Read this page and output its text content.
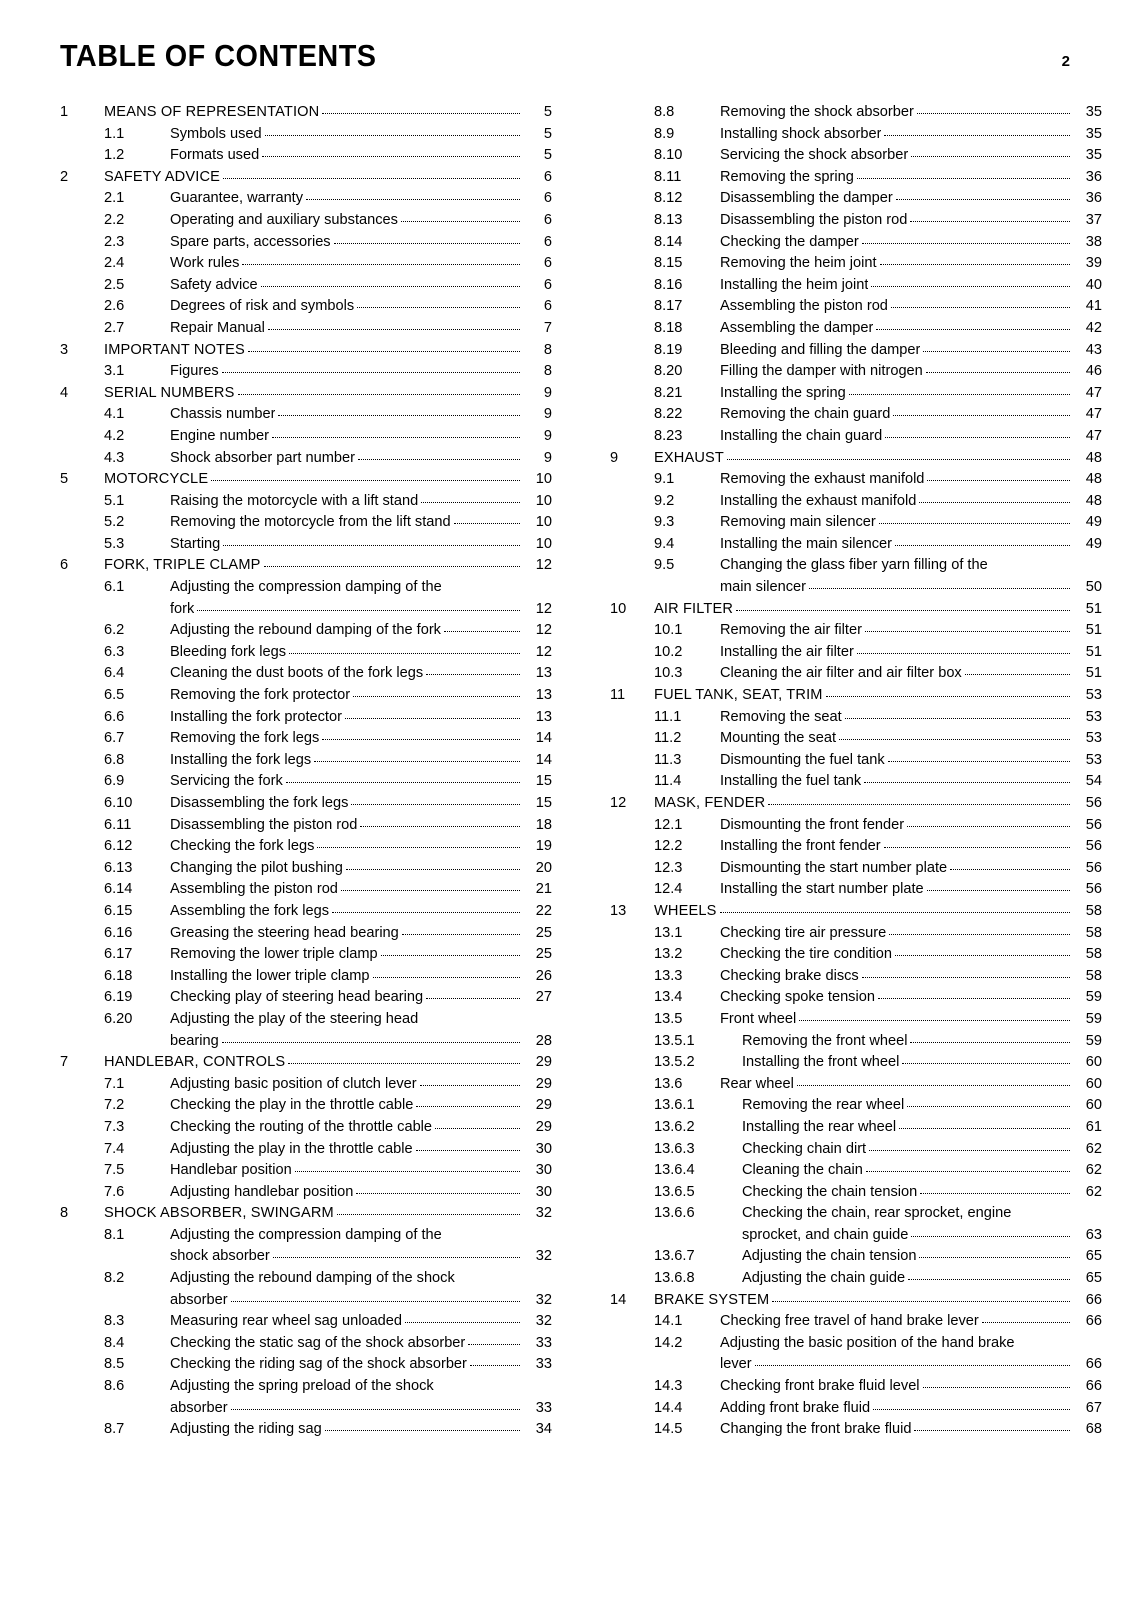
TABLE OF CONTENTS	2
1	MEANS OF REPRESENTATION	5
1.1	Symbols used	5
1.2	Formats used	5
2	SAFETY ADVICE	6
2.1	Guarantee, warranty	6
2.2	Operating and auxiliary substances	6
2.3	Spare parts, accessories	6
2.4	Work rules	6
2.5	Safety advice	6
2.6	Degrees of risk and symbols	6
2.7	Repair Manual	7
3	IMPORTANT NOTES	8
3.1	Figures	8
4	SERIAL NUMBERS	9
4.1	Chassis number	9
4.2	Engine number	9
4.3	Shock absorber part number	9
5	MOTORCYCLE	10
5.1	Raising the motorcycle with a lift stand	10
5.2	Removing the motorcycle from the lift stand	10
5.3	Starting	10
6	FORK, TRIPLE CLAMP	12
6.1	Adjusting the compression damping of the
fork	12
6.2	Adjusting the rebound damping of the fork	12
6.3	Bleeding fork legs	12
6.4	Cleaning the dust boots of the fork legs	13
6.5	Removing the fork protector	13
6.6	Installing the fork protector	13
6.7	Removing the fork legs	14
6.8	Installing the fork legs	14
6.9	Servicing the fork	15
6.10	Disassembling the fork legs	15
6.11	Disassembling the piston rod	18
6.12	Checking the fork legs	19
6.13	Changing the pilot bushing	20
6.14	Assembling the piston rod	21
6.15	Assembling the fork legs	22
6.16	Greasing the steering head bearing	25
6.17	Removing the lower triple clamp	25
6.18	Installing the lower triple clamp	26
6.19	Checking play of steering head bearing	27
6.20	Adjusting the play of the steering head
bearing	28
7	HANDLEBAR, CONTROLS	29
7.1	Adjusting basic position of clutch lever	29
7.2	Checking the play in the throttle cable	29
7.3	Checking the routing of the throttle cable	29
7.4	Adjusting the play in the throttle cable	30
7.5	Handlebar position	30
7.6	Adjusting handlebar position	30
8	SHOCK ABSORBER, SWINGARM	32
8.1	Adjusting the compression damping of the
shock absorber	32
8.2	Adjusting the rebound damping of the shock
absorber	32
8.3	Measuring rear wheel sag unloaded	32
8.4	Checking the static sag of the shock absorber	33
8.5	Checking the riding sag of the shock absorber	33
8.6	Adjusting the spring preload of the shock
absorber	33
8.7	Adjusting the riding sag	34
8.8	Removing the shock absorber	35
8.9	Installing shock absorber	35
8.10	Servicing the shock absorber	35
8.11	Removing the spring	36
8.12	Disassembling the damper	36
8.13	Disassembling the piston rod	37
8.14	Checking the damper	38
8.15	Removing the heim joint	39
8.16	Installing the heim joint	40
8.17	Assembling the piston rod	41
8.18	Assembling the damper	42
8.19	Bleeding and filling the damper	43
8.20	Filling the damper with nitrogen	46
8.21	Installing the spring	47
8.22	Removing the chain guard	47
8.23	Installing the chain guard	47
9	EXHAUST	48
9.1	Removing the exhaust manifold	48
9.2	Installing the exhaust manifold	48
9.3	Removing main silencer	49
9.4	Installing the main silencer	49
9.5	Changing the glass fiber yarn filling of the
main silencer	50
10	AIR FILTER	51
10.1	Removing the air filter	51
10.2	Installing the air filter	51
10.3	Cleaning the air filter and air filter box	51
11	FUEL TANK, SEAT, TRIM	53
11.1	Removing the seat	53
11.2	Mounting the seat	53
11.3	Dismounting the fuel tank	53
11.4	Installing the fuel tank	54
12	MASK, FENDER	56
12.1	Dismounting the front fender	56
12.2	Installing the front fender	56
12.3	Dismounting the start number plate	56
12.4	Installing the start number plate	56
13	WHEELS	58
13.1	Checking tire air pressure	58
13.2	Checking the tire condition	58
13.3	Checking brake discs	58
13.4	Checking spoke tension	59
13.5	Front wheel	59
13.5.1	Removing the front wheel	59
13.5.2	Installing the front wheel	60
13.6	Rear wheel	60
13.6.1	Removing the rear wheel	60
13.6.2	Installing the rear wheel	61
13.6.3	Checking chain dirt	62
13.6.4	Cleaning the chain	62
13.6.5	Checking the chain tension	62
13.6.6	Checking the chain, rear sprocket, engine
sprocket, and chain guide	63
13.6.7	Adjusting the chain tension	65
13.6.8	Adjusting the chain guide	65
14	BRAKE SYSTEM	66
14.1	Checking free travel of hand brake lever	66
14.2	Adjusting the basic position of the hand brake
lever	66
14.3	Checking front brake fluid level	66
14.4	Adding front brake fluid	67
14.5	Changing the front brake fluid	68
